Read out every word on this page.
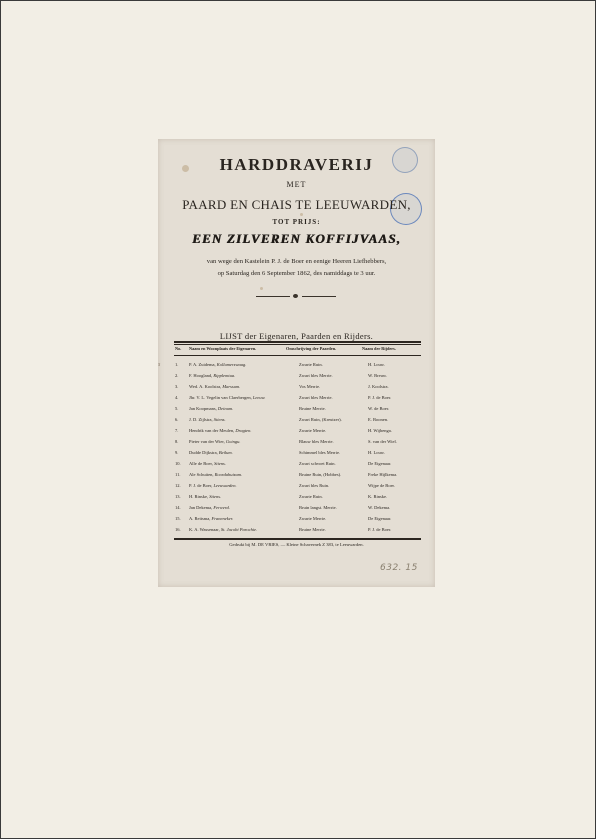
HARDDRAVERIJ
MET
PAARD EN CHAIS TE LEEUWARDEN,
TOT PRIJS:
EEN ZILVEREN KOFFIJVAAS,
van wege den Kastelein P. J. de Boer en eenige Heeren Liefhebbers,
op Saturdag den 6 September 1862, des namiddags te 3 uur.
LIJST der Eigenaren, Paarden en Rijders.
No. Naam en Woonplaats der Eigenaren.	Omschrijving der Paarden.	Naam der Rijders.
5	1. P. A. Zuidema, Kollumerzwaag.	Zwarte Ruin.	H. Louw.
2. F. Hoogland, Ripplemtua.	Zwart bles Merrie.	W. Breuw.
3. Wed. A. Koolstra, Marssum.	Vos Merrie.	J. Koolstra.
4. Jhr. V. L. Vegelin van Claerbergen, Leeuw.	Zwart bles Merrie.	P. J. de Boer.
5. Jan Koopmans, Deinum.	Bruine Merrie.	W. de Boer.
6. J. D. Zijlstra, Stiens.	Zwart Ruin, (Kreutzer).	E. Boonen.
7. Hendrik van der Meulen, Dragten.	Zwarte Merrie.	H. Wijbenga.
8. Pieter van der Wier, Goingu.	Blauw bles Merrie.	S. van der Wiel.
9. Dudde Dijkstra, Beilum.	Schimmel bles Merrie.	H. Louw.
10. Alle de Boer, Stiens.	Zwart schvoet Ruin.	De Eigenaar.
11. Ale Schuiten, Roordahuizum.	Bruine Ruin, (Hobbes).	Freke Hijlkema.
12. P. J. de Boer, Leeuwarden.	Zwart bles Ruin.	Wijpe de Boer.
13. H. Rinske, Stiens.	Zwarte Ruin.	K. Rinske.
14. Jan Dekema, Ferwerd.	Bruin langst. Merrie.	W. Dekema.
15. A. Reitsma, Franeneker.	Zwarte Merrie.	De Eigenaar.
16. K. A. Wassenaar, St. Jacobi Parochie.	Bruine Merrie.	P. J. de Boer.
Gedrukt bij M. DE VRIES, — Kleine Schavernek Z 383, te Leeuwarden.
632. 15
